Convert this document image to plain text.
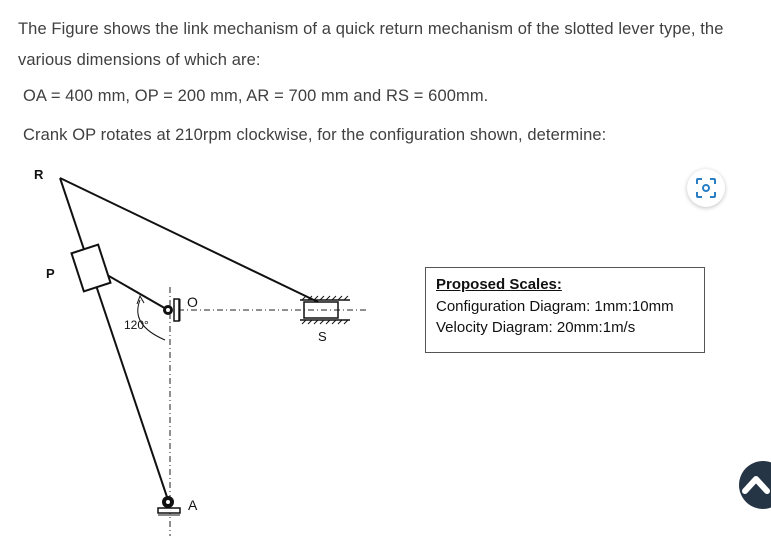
The Figure shows the link mechanism of a quick return mechanism of the slotted lever type, the various dimensions of which are:
OA = 400 mm, OP = 200 mm, AR = 700 mm and RS = 600mm.
Crank OP rotates at 210rpm clockwise, for the configuration shown, determine:
R
P
O
S
A
120°
Proposed Scales:
Configuration Diagram: 1mm:10mm
Velocity Diagram: 20mm:1m/s
